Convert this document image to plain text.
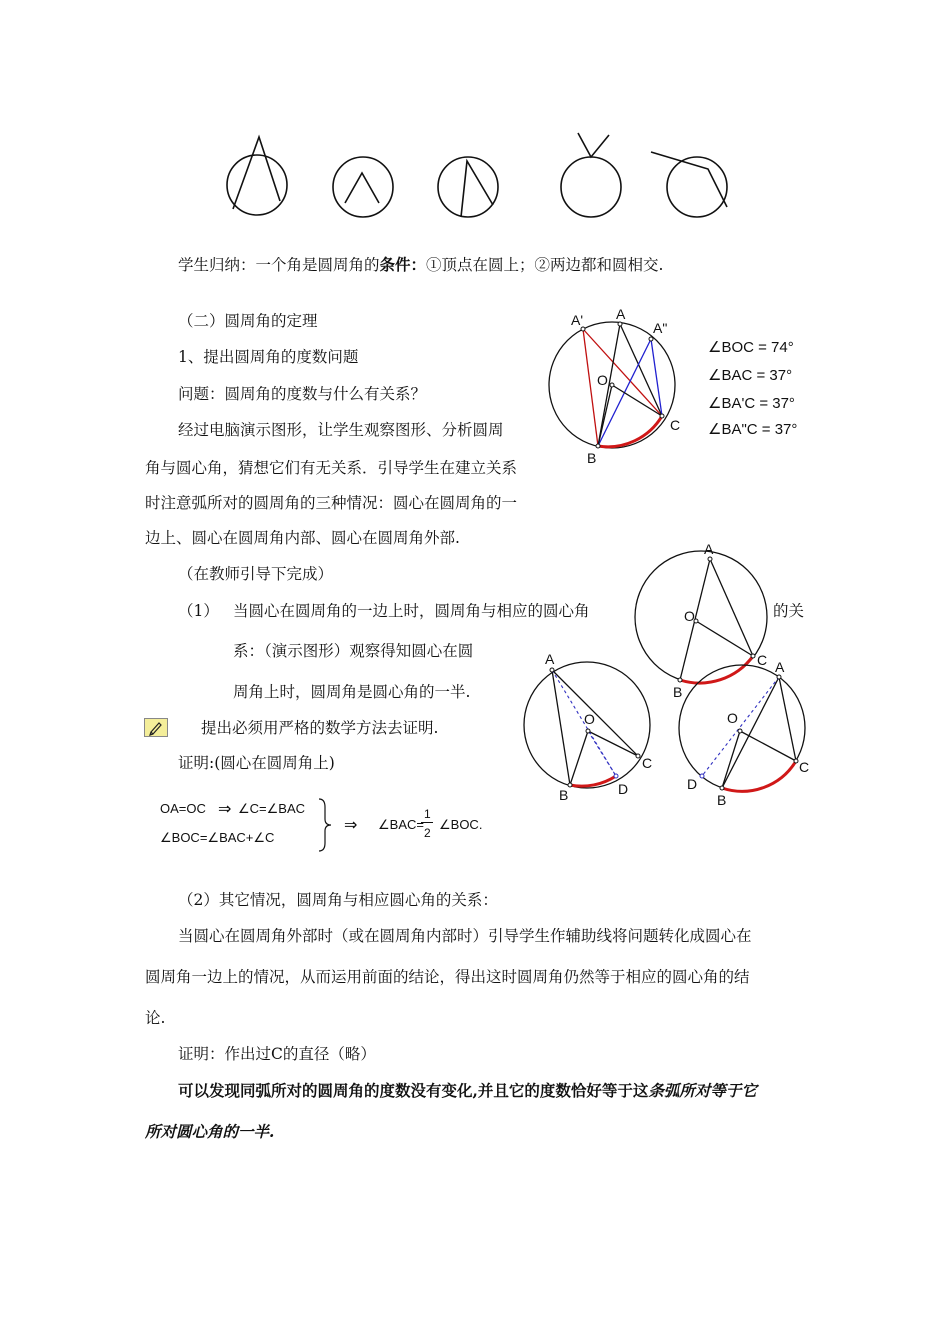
学生归纳：一个角是圆周角的条件：①顶点在圆上；②两边都和圆相交.
（二）圆周角的定理
1、提出圆周角的度数问题
问题：圆周角的度数与什么有关系？
经过电脑演示图形，让学生观察图形、分析圆周
角与圆心角，猜想它们有无关系．引导学生在建立关系
时注意弧所对的圆周角的三种情况：圆心在圆周角的一
边上、圆心在圆周角内部、圆心在圆周角外部.
（在教师引导下完成）
A' A
A"
O
B
C
∠BOC = 74°
∠BAC = 37°
∠BA'C = 37°
∠BA"C = 37°
（1） 当圆心在圆周角的一边上时，圆周角与相应的圆心角	的关
系：（演示图形）观察得知圆心在圆
周角上时，圆周角是圆心角的一半.
A
O
B
C
A
O
B	D
C
A
O
B
D
C
提出必须用严格的数学方法去证明.
证明:(圆心在圆周角上)
OA=OC ⇒ ∠C=∠BAC
∠BOC=∠BAC+∠C
⇒ ∠BAC=
1
2
∠BOC.
（2）其它情况，圆周角与相应圆心角的关系：
当圆心在圆周角外部时（或在圆周角内部时）引导学生作辅助线将问题转化成圆心在
圆周角一边上的情况，从而运用前面的结论，得出这时圆周角仍然等于相应的圆心角的结
论.
证明：作出过C的直径（略）
可以发现同弧所对的圆周角的度数没有变化,并且它的度数恰好等于这条弧所对等于它
所对圆心角的一半.
